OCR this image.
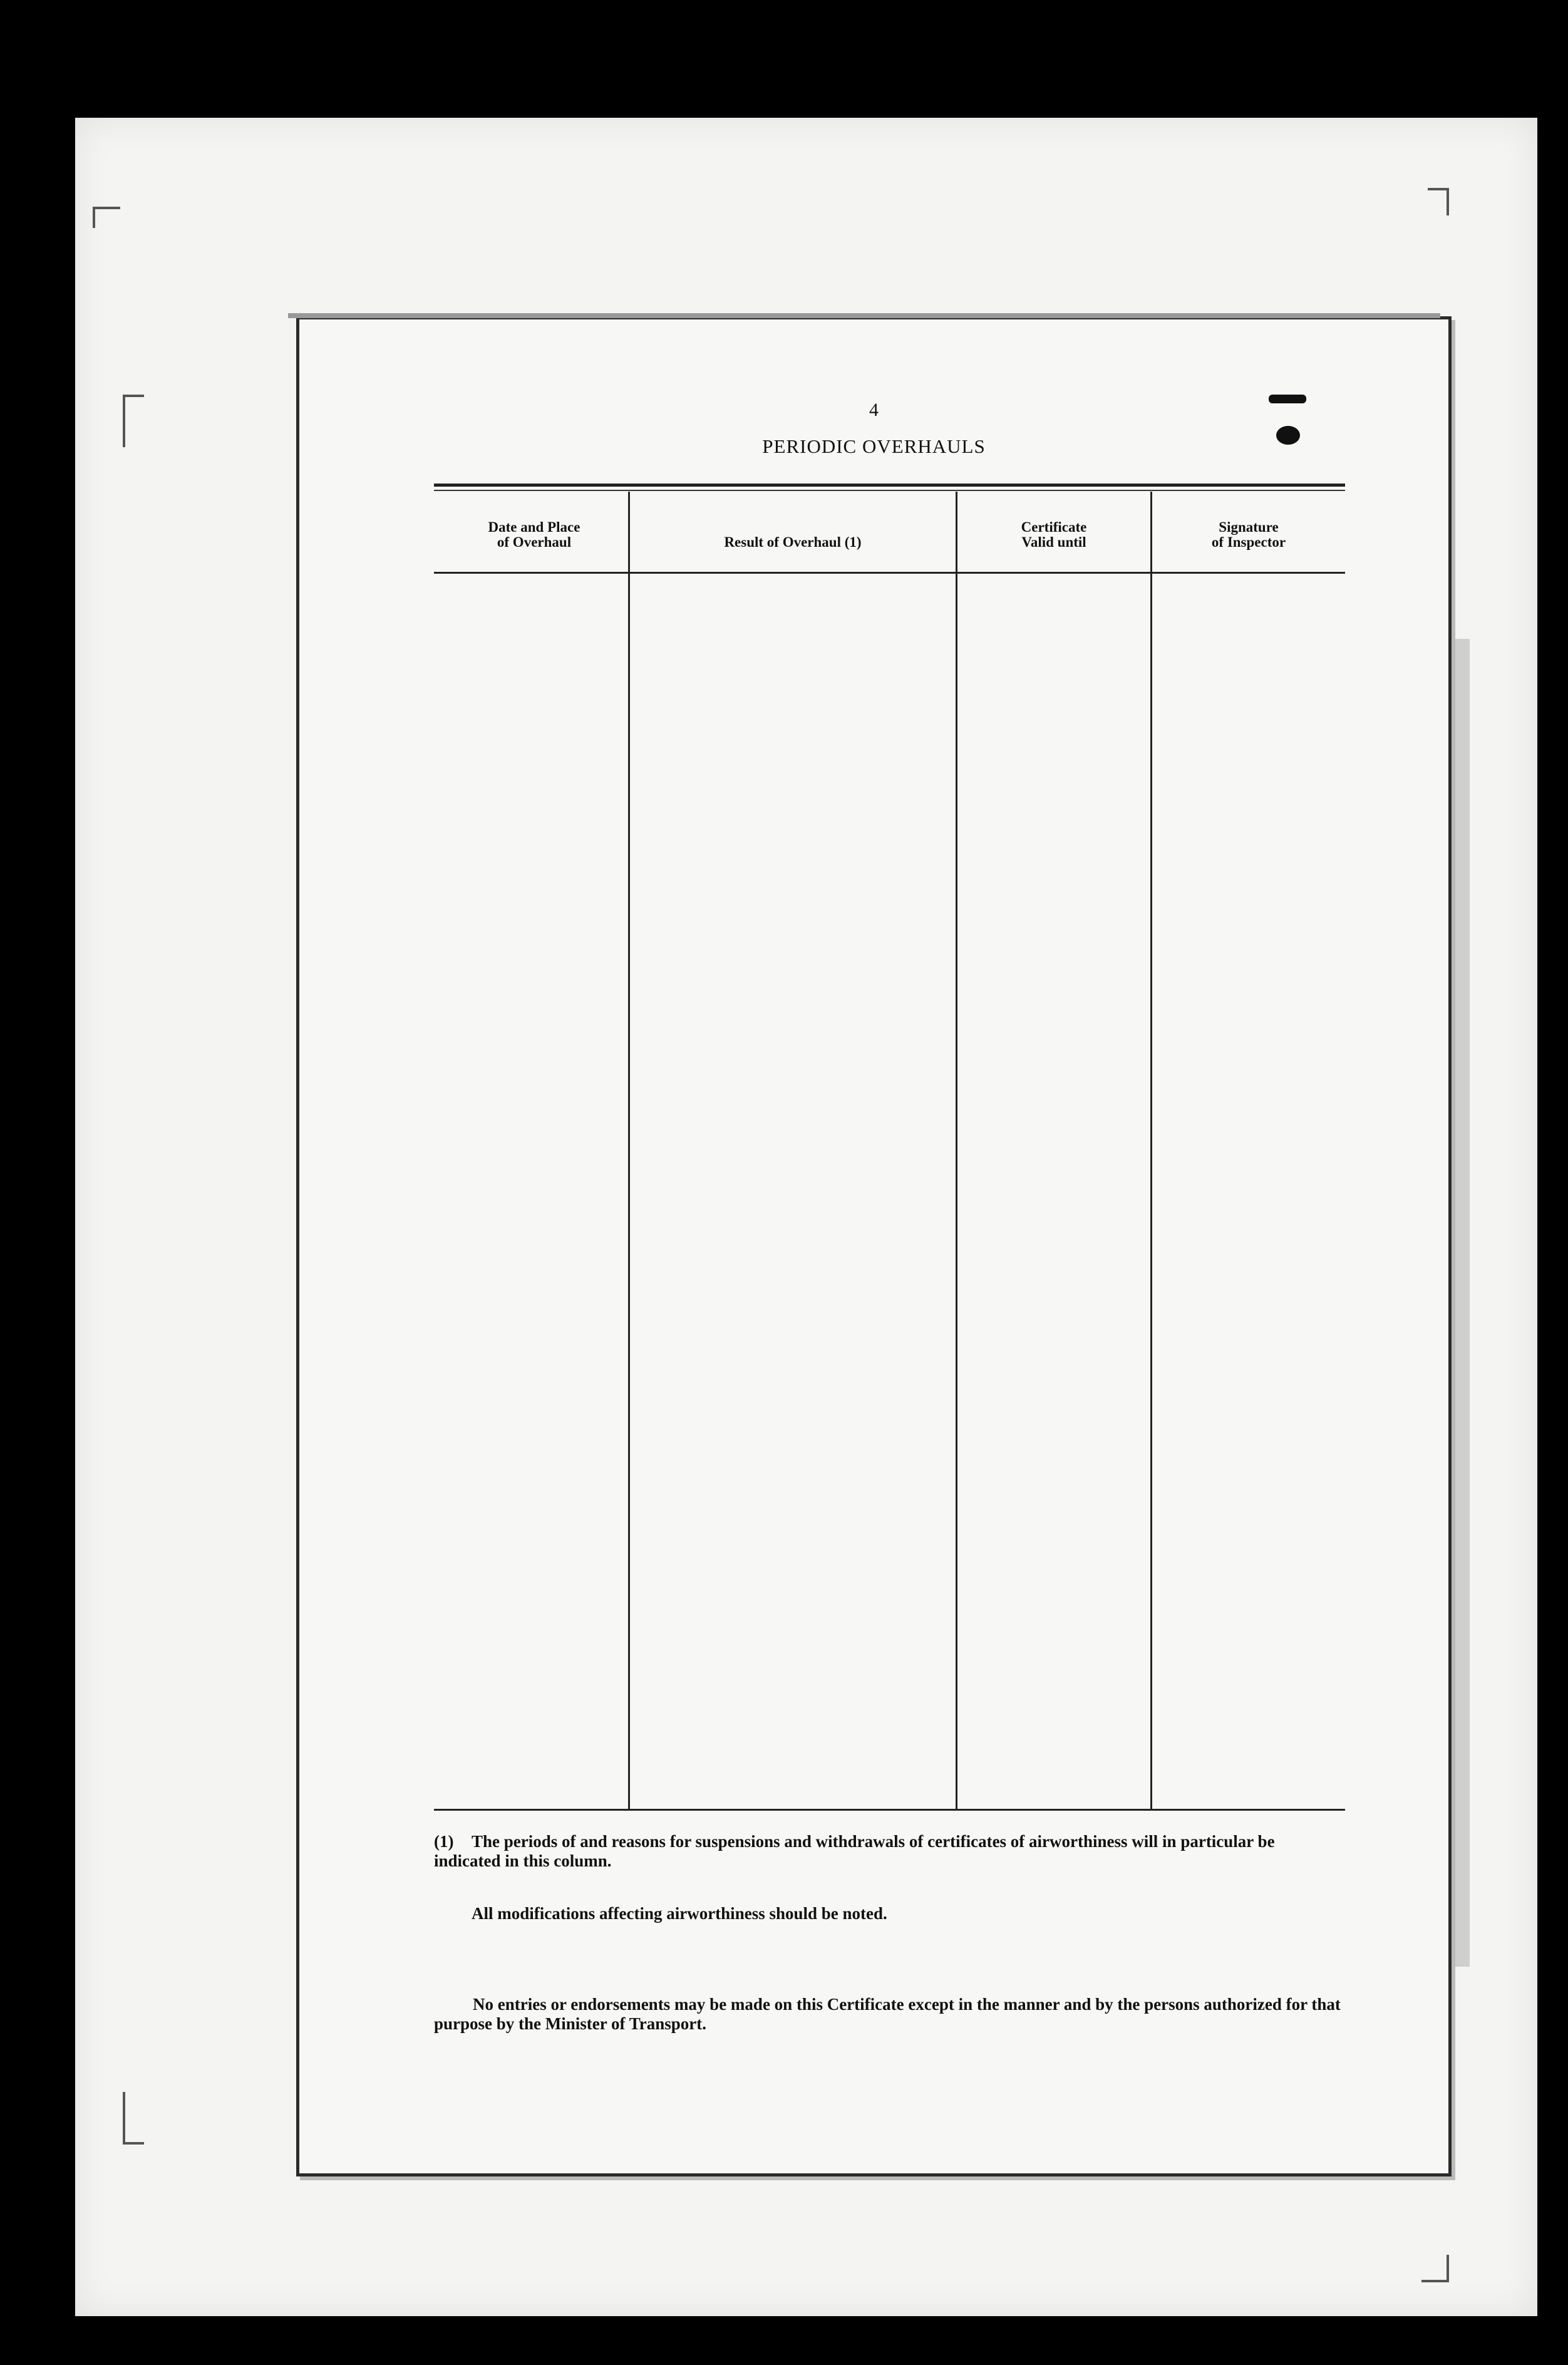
4
PERIODIC OVERHAULS
Date and Place
of Overhaul	Result of Overhaul (1)
Certificate
Valid until
Signature
of Inspector
(1) The periods of and reasons for suspensions and withdrawals of certificates of airworthiness will in particular be indicated in this column.
All modifications affecting airworthiness should be noted.
No entries or endorsements may be made on this Certificate except in the manner and by the persons authorized for that purpose by the Minister of Transport.
